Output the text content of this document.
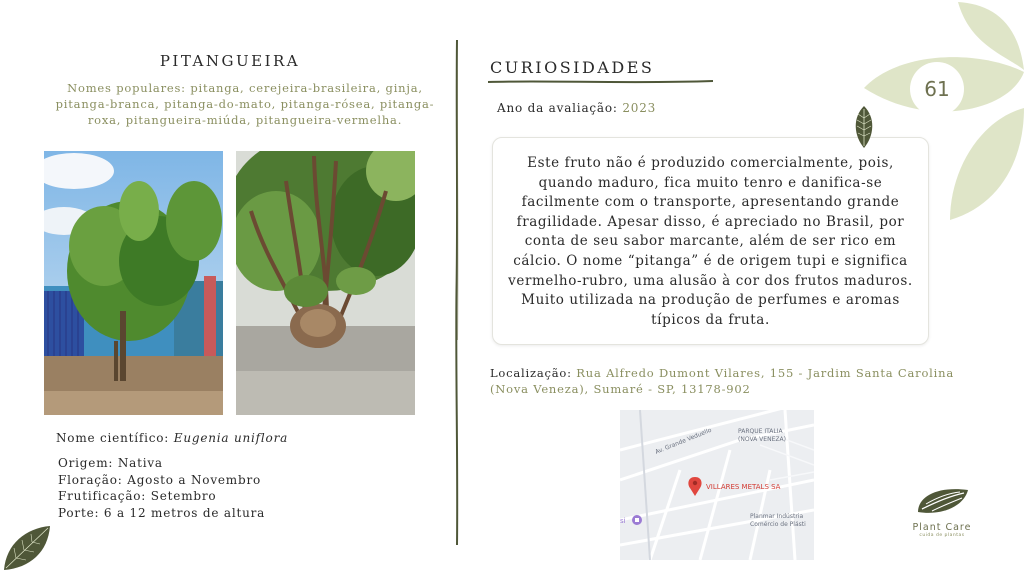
PITANGUEIRA
Nomes populares: pitanga, cerejeira-brasileira, ginja, pitanga-branca, pitanga-do-mato, pitanga-rósea, pitanga-roxa, pitangueira-miúda, pitangueira-vermelha.
Nome científico: Eugenia uniflora
Origem: Nativa
Floração: Agosto a Novembro
Frutificação: Setembro
Porte: 6 a 12 metros de altura
CURIOSIDADES
Ano da avaliação: 2023
Este fruto não é produzido comercialmente, pois, quando maduro, fica muito tenro e danifica-se facilmente com o transporte, apresentando grande fragilidade. Apesar disso, é apreciado no Brasil, por conta de seu sabor marcante, além de ser rico em cálcio. O nome “pitanga” é de origem tupi e significa vermelho-rubro, uma alusão à cor dos frutos maduros. Muito utilizada na produção de perfumes e aromas típicos da fruta.
Localização: Rua Alfredo Dumont Vilares, 155 - Jardim Santa Carolina (Nova Veneza), Sumaré - SP, 13178-902
Av. Grande Veduello	PARQUE ITALIA
(NOVA VENEZA)
VILLARES METALS SA
Planmar Indústria
Comércio de Plásti
si
61
Plant Care
cuida de plantas
